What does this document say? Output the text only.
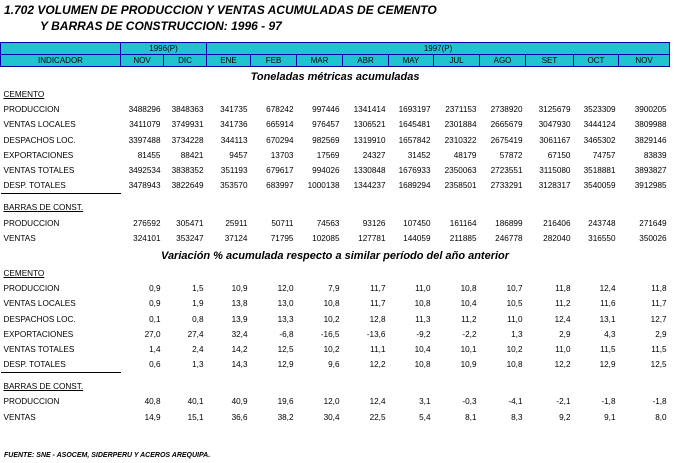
1.702 VOLUMEN DE PRODUCCION Y VENTAS ACUMULADAS DE CEMENTO
Y BARRAS DE CONSTRUCCION: 1996 - 97
	1996(P)		1997(P)									
INDICADOR	NOV	DIC	ENE	FEB	MAR	ABR	MAY	JUL	AGO	SET	OCT	NOV
Toneladas métricas acumuladas												
CEMENTO												
PRODUCCION	3488296	3848363	341735	678242	997446	1341414	1693197	2371153	2738920	3125679	3523309	3900205
VENTAS LOCALES	3411079	3749931	341736	665914	976457	1306521	1645481	2301884	2665679	3047930	3444124	3809988
DESPACHOS LOC.	3397488	3734228	344113	670294	982569	1319910	1657842	2310322	2675419	3061167	3465302	3829146
EXPORTACIONES	81455	88421	9457	13703	17569	24327	31452	48179	57872	67150	74757	83839
VENTAS TOTALES	3492534	3838352	351193	679617	994026	1330848	1676933	2350063	2723551	3115080	3518881	3893827
DESP. TOTALES	3478943	3822649	353570	683997	1000138	1344237	1689294	2358501	2733291	3128317	3540059	3912985

BARRAS DE CONST.												
PRODUCCION	276592	305471	25911	50711	74563	93126	107450	161164	186899	216406	243748	271649
VENTAS	324101	353247	37124	71795	102085	127781	144059	211885	246778	282040	316550	350026
Variación % acumulada respecto a similar período del año anterior												
CEMENTO												
PRODUCCION	0,9	1,5	10,9	12,0	7,9	11,7	11,0	10,8	10,7	11,8	12,4	11,8
VENTAS LOCALES	0,9	1,9	13,8	13,0	10,8	11,7	10,8	10,4	10,5	11,2	11,6	11,7
DESPACHOS LOC.	0,1	0,8	13,9	13,3	10,2	12,8	11,3	11,2	11,0	12,4	13,1	12,7
EXPORTACIONES	27,0	27,4	32,4	-6,8	-16,5	-13,6	-9,2	-2,2	1,3	2,9	4,3	2,9
VENTAS TOTALES	1,4	2,4	14,2	12,5	10,2	11,1	10,4	10,1	10,2	11,0	11,5	11,5
DESP. TOTALES	0,6	1,3	14,3	12,9	9,6	12,2	10,8	10,9	10,8	12,2	12,9	12,5

BARRAS DE CONST.												
PRODUCCION	40,8	40,1	40,9	19,6	12,0	12,4	3,1	-0,3	-4,1	-2,1	-1,8	-1,8
VENTAS	14,9	15,1	36,6	38,2	30,4	22,5	5,4	8,1	8,3	9,2	9,1	8,0
FUENTE: SNE - ASOCEM, SIDERPERU Y ACEROS AREQUIPA.
